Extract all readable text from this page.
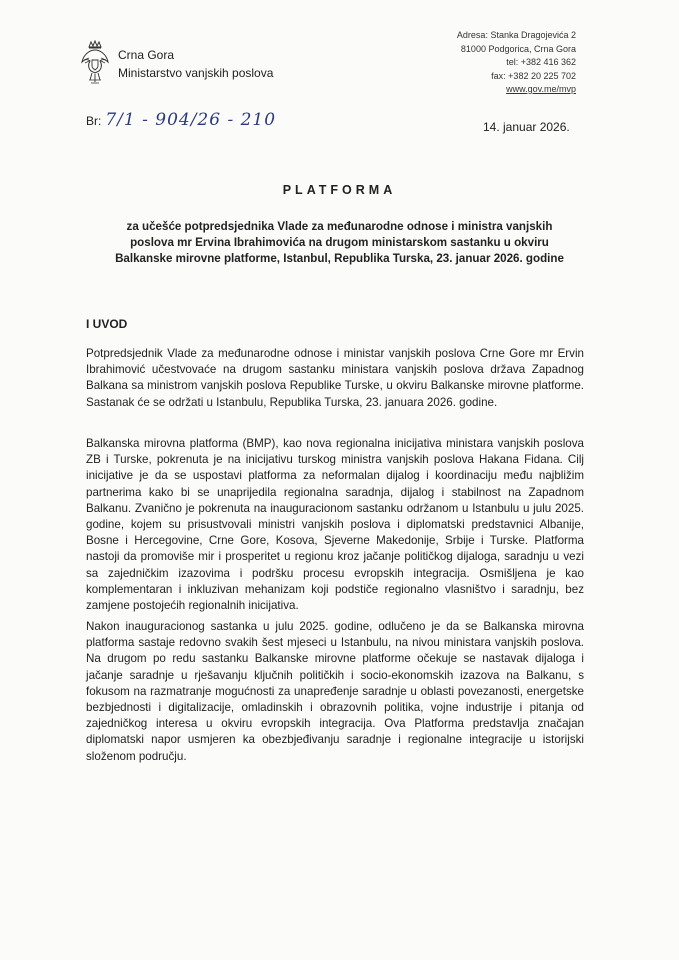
Crna Gora
Ministarstvo vanjskih poslova
Adresa: Stanka Dragojevića 2
81000 Podgorica, Crna Gora
tel: +382 416 362
fax: +382 20 225 702
www.gov.me/mvp
Br: 7/1 - 904/26 - 210	14. januar 2026.
PLATFORMA
za učešće potpredsjednika Vlade za međunarodne odnose i ministra vanjskih poslova mr Ervina Ibrahimovića na drugom ministarskom sastanku u okviru Balkanske mirovne platforme, Istanbul, Republika Turska, 23. januar 2026. godine
I UVOD
Potpredsjednik Vlade za međunarodne odnose i ministar vanjskih poslova Crne Gore mr Ervin Ibrahimović učestvovaće na drugom sastanku ministara vanjskih poslova država Zapadnog Balkana sa ministrom vanjskih poslova Republike Turske, u okviru Balkanske mirovne platforme. Sastanak će se održati u Istanbulu, Republika Turska, 23. januara 2026. godine.
Balkanska mirovna platforma (BMP), kao nova regionalna inicijativa ministara vanjskih poslova ZB i Turske, pokrenuta je na inicijativu turskog ministra vanjskih poslova Hakana Fidana. Cilj inicijative je da se uspostavi platforma za neformalan dijalog i koordinaciju među najbližim partnerima kako bi se unaprijedila regionalna saradnja, dijalog i stabilnost na Zapadnom Balkanu. Zvanično je pokrenuta na inauguracionom sastanku održanom u Istanbulu u julu 2025. godine, kojem su prisustvovali ministri vanjskih poslova i diplomatski predstavnici Albanije, Bosne i Hercegovine, Crne Gore, Kosova, Sjeverne Makedonije, Srbije i Turske. Platforma nastoji da promoviše mir i prosperitet u regionu kroz jačanje političkog dijaloga, saradnju u vezi sa zajedničkim izazovima i podršku procesu evropskih integracija. Osmišljena je kao komplementaran i inkluzivan mehanizam koji podstiče regionalno vlasništvo i saradnju, bez zamjene postojećih regionalnih inicijativa.
Nakon inauguracionog sastanka u julu 2025. godine, odlučeno je da se Balkanska mirovna platforma sastaje redovno svakih šest mjeseci u Istanbulu, na nivou ministara vanjskih poslova. Na drugom po redu sastanku Balkanske mirovne platforme očekuje se nastavak dijaloga i jačanje saradnje u rješavanju ključnih političkih i socio-ekonomskih izazova na Balkanu, s fokusom na razmatranje mogućnosti za unapređenje saradnje u oblasti povezanosti, energetske bezbjednosti i digitalizacije, omladinskih i obrazovnih politika, vojne industrije i pitanja od zajedničkog interesa u okviru evropskih integracija. Ova Platforma predstavlja značajan diplomatski napor usmjeren ka obezbjeđivanju saradnje i regionalne integracije u istorijski složenom području.
